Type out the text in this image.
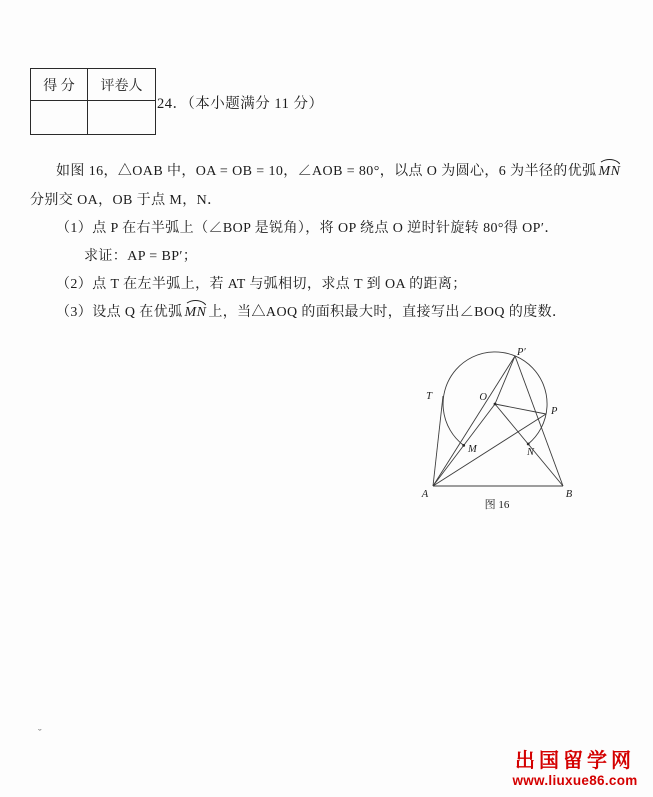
得 分	评卷人

24．（本小题满分 11 分）
如图 16，△OAB 中，OA = OB = 10，∠AOB = 80°，以点 O 为圆心，6 为半径的优弧 MN
分别交 OA，OB 于点 M，N．
（1）点 P 在右半弧上（∠BOP 是锐角），将 OP 绕点 O 逆时针旋转 80°得 OP′．
求证：AP = BP′；
（2）点 T 在左半弧上，若 AT 与弧相切，求点 T 到 OA 的距离；
（3）设点 Q 在优弧 MN 上，当△AOQ 的面积最大时，直接写出∠BOQ 的度数．
P′
O
T
P
M	N
A	B
图 16
ˇ
出国留学网
www.liuxue86.com
